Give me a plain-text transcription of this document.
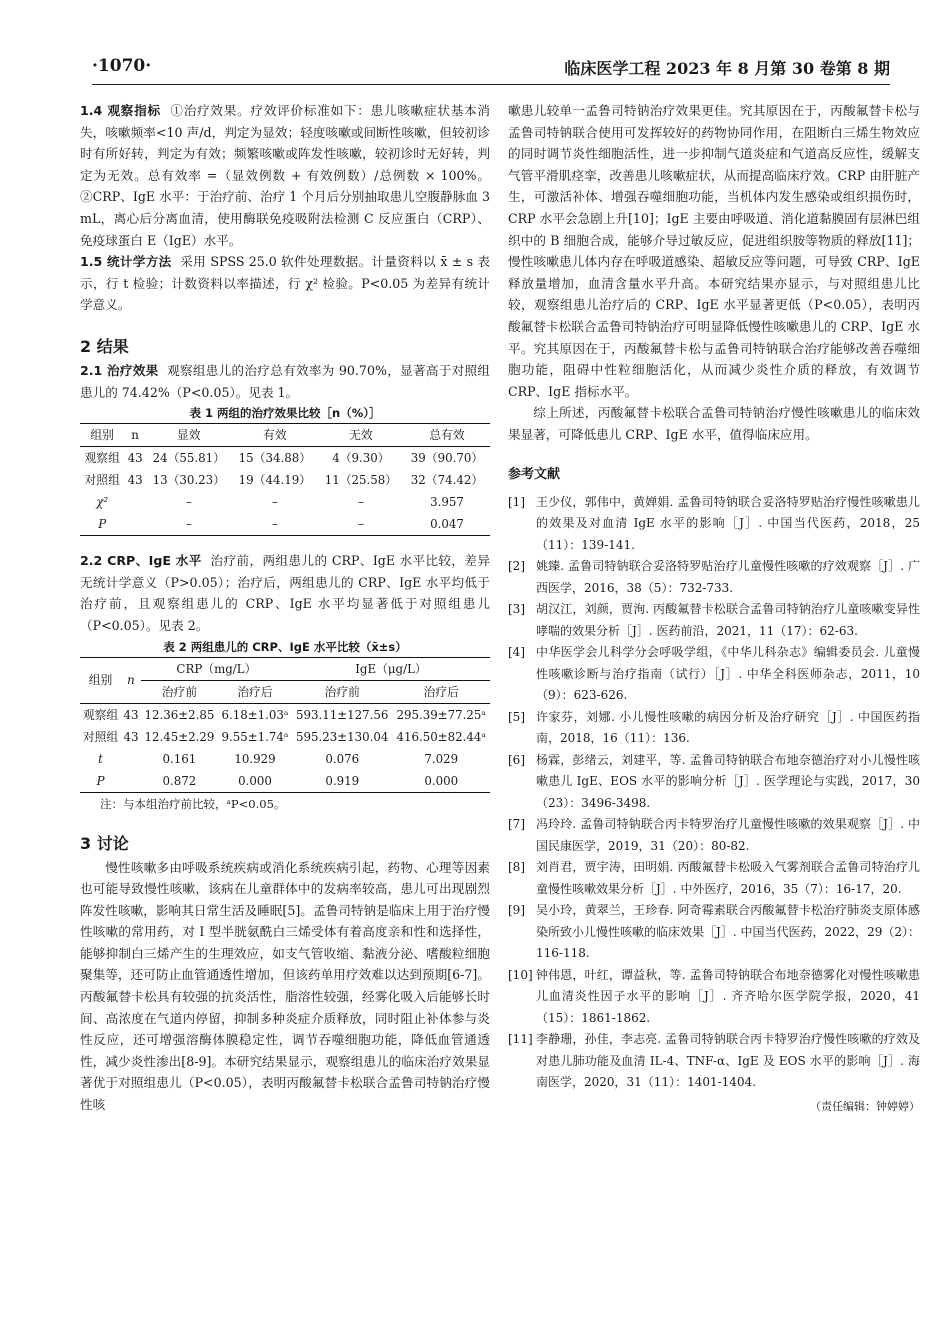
·1070·	临床医学工程 2023 年 8 月第 30 卷第 8 期

1.4 观察指标 ①治疗效果。疗效评价标准如下：患儿咳嗽症状基本消失，咳嗽频率<10 声/d，判定为显效；轻度咳嗽或间断性咳嗽，但较初诊时有所好转，判定为有效；频繁咳嗽或阵发性咳嗽，较初诊时无好转，判定为无效。总有效率 =（显效例数 + 有效例数）/总例数 × 100%。②CRP、IgE 水平：于治疗前、治疗 1 个月后分别抽取患儿空腹静脉血 3 mL，离心后分离血清，使用酶联免疫吸附法检测 C 反应蛋白（CRP）、免疫球蛋白 E（IgE）水平。

1.5 统计学方法 采用 SPSS 25.0 软件处理数据。计量资料以 x̄ ± s 表示，行 t 检验；计数资料以率描述，行 χ² 检验。P<0.05 为差异有统计学意义。

2 结果

2.1 治疗效果 观察组患儿的治疗总有效率为 90.70%，显著高于对照组患儿的 74.42%（P<0.05）。见表 1。

表 1 两组的治疗效果比较［n（%）］
组别	n	显效	有效	无效	总有效
观察组	43	24（55.81）	15（34.88）	4（9.30）	39（90.70）
对照组	43	13（30.23）	19（44.19）	11（25.58）	32（74.42）
χ²		–	–	–	3.957
P		–	–	–	0.047

2.2 CRP、IgE 水平 治疗前，两组患儿的 CRP、IgE 水平比较，差异无统计学意义（P>0.05）；治疗后，两组患儿的 CRP、IgE 水平均低于治疗前，且观察组患儿的 CRP、IgE 水平均显著低于对照组患儿（P<0.05）。见表 2。

表 2 两组患儿的 CRP、IgE 水平比较（x̄±s）
组别	n	CRP（mg/L）		IgE（μg/L）	
		治疗前	治疗后	治疗前	治疗后
观察组	43	12.36±2.85	6.18±1.03ᵃ	593.11±127.56	295.39±77.25ᵃ
对照组	43	12.45±2.29	9.55±1.74ᵃ	595.23±130.04	416.50±82.44ᵃ
t		0.161	10.929	0.076	7.029
P		0.872	0.000	0.919	0.000
注：与本组治疗前比较，ᵃP<0.05。
3 讨论

慢性咳嗽多由呼吸系统疾病或消化系统疾病引起，药物、心理等因素也可能导致慢性咳嗽，该病在儿童群体中的发病率较高，患儿可出现剧烈阵发性咳嗽，影响其日常生活及睡眠[5]。孟鲁司特钠是临床上用于治疗慢性咳嗽的常用药，对 I 型半胱氨酰白三烯受体有着高度亲和性和选择性，能够抑制白三烯产生的生理效应，如支气管收缩、黏液分泌、嗜酸粒细胞聚集等，还可防止血管通透性增加，但该药单用疗效难以达到预期[6-7]。丙酸氟替卡松具有较强的抗炎活性，脂溶性较强，经雾化吸入后能够长时间、高浓度在气道内停留，抑制多种炎症介质释放，同时阻止补体参与炎性反应，还可增强溶酶体膜稳定性，调节吞噬细胞功能，降低血管通透性，减少炎性渗出[8-9]。本研究结果显示，观察组患儿的临床治疗效果显著优于对照组患儿（P<0.05），表明丙酸氟替卡松联合孟鲁司特钠治疗慢性咳

嗽患儿较单一孟鲁司特钠治疗效果更佳。究其原因在于，丙酸氟替卡松与孟鲁司特钠联合使用可发挥较好的药物协同作用，在阻断白三烯生物效应的同时调节炎性细胞活性，进一步抑制气道炎症和气道高反应性，缓解支气管平滑肌痉挛，改善患儿咳嗽症状，从而提高临床疗效。CRP 由肝脏产生，可激活补体、增强吞噬细胞功能，当机体内发生感染或组织损伤时，CRP 水平会急剧上升[10]；IgE 主要由呼吸道、消化道黏膜固有层淋巴组织中的 B 细胞合成，能够介导过敏反应，促进组织胺等物质的释放[11]；慢性咳嗽患儿体内存在呼吸道感染、超敏反应等问题，可导致 CRP、IgE 释放量增加，血清含量水平升高。本研究结果亦显示，与对照组患儿比较，观察组患儿治疗后的 CRP、IgE 水平显著更低（P<0.05），表明丙酸氟替卡松联合孟鲁司特钠治疗可明显降低慢性咳嗽患儿的 CRP、IgE 水平。究其原因在于，丙酸氟替卡松与孟鲁司特钠联合治疗能够改善吞噬细胞功能，阻碍中性粒细胞活化，从而减少炎性介质的释放，有效调节 CRP、IgE 指标水平。

综上所述，丙酸氟替卡松联合孟鲁司特钠治疗慢性咳嗽患儿的临床效果显著，可降低患儿 CRP、IgE 水平，值得临床应用。

参考文献
[1] 王少仪，郭伟中，黄婵娟. 孟鲁司特钠联合妥洛特罗贴治疗慢性咳嗽患儿的效果及对血清 IgE 水平的影响［J］. 中国当代医药，2018，25（11）：139-141.
[2] 姚臻. 孟鲁司特钠联合妥洛特罗贴治疗儿童慢性咳嗽的疗效观察［J］. 广西医学，2016，38（5）：732-733.
[3] 胡汉江，刘颜，贾洵. 丙酸氟替卡松联合孟鲁司特钠治疗儿童咳嗽变异性哮喘的效果分析［J］. 医药前沿，2021，11（17）：62-63.
[4] 中华医学会儿科学分会呼吸学组，《中华儿科杂志》编辑委员会. 儿童慢性咳嗽诊断与治疗指南（试行）［J］. 中华全科医师杂志，2011，10（9）：623-626.
[5] 许家芬，刘娜. 小儿慢性咳嗽的病因分析及治疗研究［J］. 中国医药指南，2018，16（11）：136.
[6] 杨霖，彭绪云，刘建平，等. 孟鲁司特钠联合布地奈德治疗对小儿慢性咳嗽患儿 IgE、EOS 水平的影响分析［J］. 医学理论与实践，2017，30（23）：3496-3498.
[7] 冯玲玲. 孟鲁司特钠联合丙卡特罗治疗儿童慢性咳嗽的效果观察［J］. 中国民康医学，2019，31（20）：80-82.
[8] 刘肖君，贾宇涛，田明娟. 丙酸氟替卡松吸入气雾剂联合孟鲁司特治疗儿童慢性咳嗽效果分析［J］. 中外医疗，2016，35（7）：16-17，20.
[9] 吴小玲，黄翠兰，王珍春. 阿奇霉素联合丙酸氟替卡松治疗肺炎支原体感染所致小儿慢性咳嗽的临床效果［J］. 中国当代医药，2022，29（2）：116-118.
[10] 钟伟恩，叶红，谭益秋，等. 孟鲁司特钠联合布地奈德雾化对慢性咳嗽患儿血清炎性因子水平的影响［J］. 齐齐哈尔医学院学报，2020，41（15）：1861-1862.
[11] 李静珊，孙佳，李志亮. 孟鲁司特钠联合丙卡特罗治疗慢性咳嗽的疗效及对患儿肺功能及血清 IL-4、TNF-α、IgE 及 EOS 水平的影响［J］. 海南医学，2020，31（11）：1401-1404.
（责任编辑：钟婷婷）
